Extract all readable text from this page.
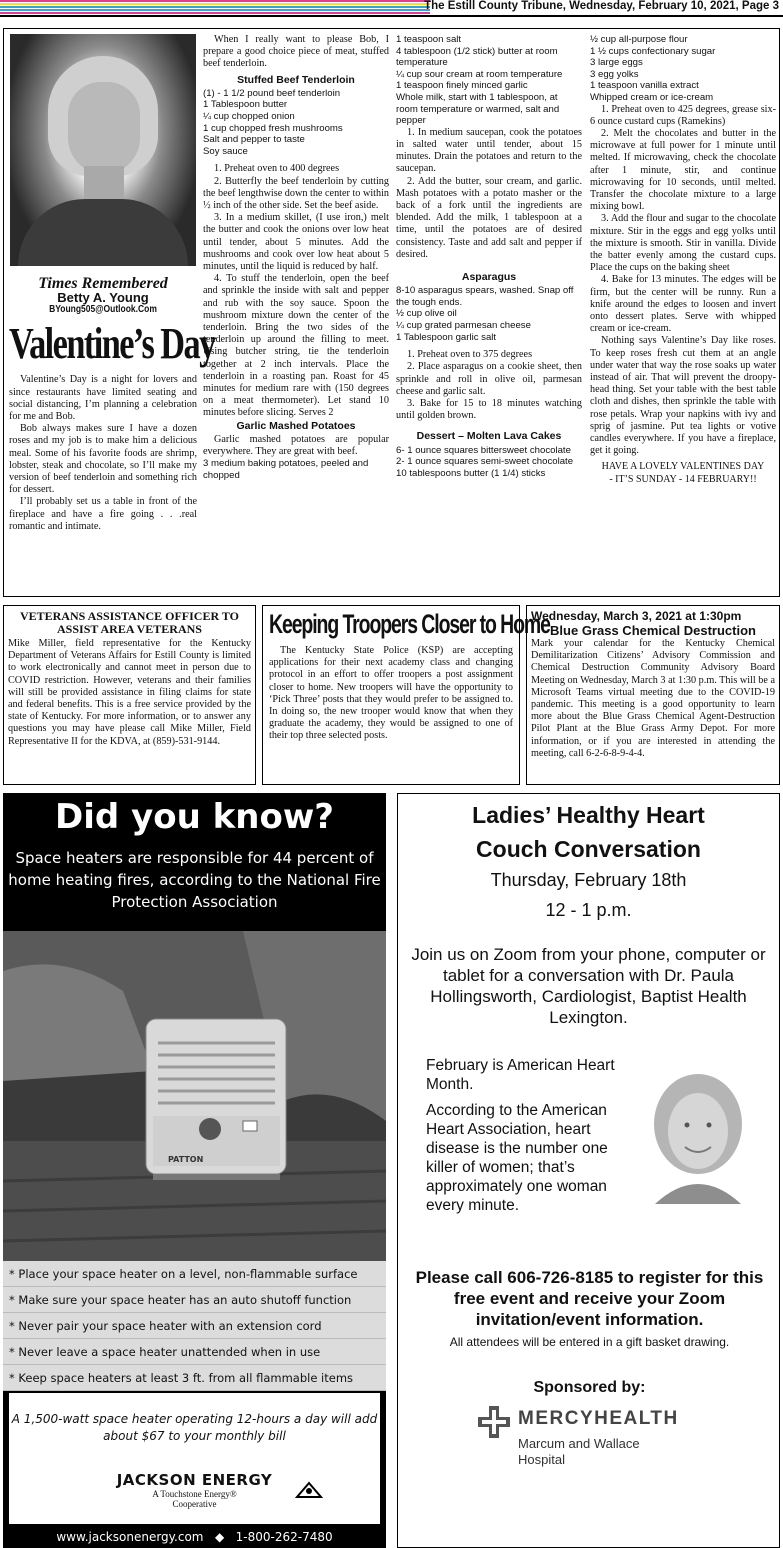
The Estill County Tribune, Wednesday, February 10, 2021, Page 3
Times Remembered
Betty A. Young
BYoung505@Outlook.Com
Valentine’s Day

Valentine’s Day is a night for lovers and since restaurants have limited seating and social distancing, I’m planning a celebration for me and Bob.

Bob always makes sure I have a dozen roses and my job is to make him a delicious meal. Some of his favorite foods are shrimp, lobster, steak and chocolate, so I’ll make my version of beef tenderloin and something rich for dessert.

I’ll probably set us a table in front of the fireplace and have a fire going . . .real romantic and intimate.

When I really want to please Bob, I prepare a good choice piece of meat, stuffed beef tenderloin.

Stuffed Beef Tenderloin
(1) - 1 1/2 pound beef tenderloin
1 Tablespoon butter
¼ cup chopped onion
1 cup chopped fresh mushrooms
Salt and pepper to taste
Soy sauce

1. Preheat oven to 400 degrees

2. Butterfly the beef tenderloin by cutting the beef lengthwise down the center to within ½ inch of the other side. Set the beef aside.

3. In a medium skillet, (I use iron,) melt the butter and cook the onions over low heat until tender, about 5 minutes. Add the mushrooms and cook over low heat about 5 minutes, until the liquid is reduced by half.

4. To stuff the tenderloin, open the beef and sprinkle the inside with salt and pepper and rub with the soy sauce. Spoon the mushroom mixture down the center of the tenderloin. Bring the two sides of the tenderloin up around the filling to meet. Using butcher string, tie the tenderloin together at 2 inch intervals. Place the tenderloin in a roasting pan. Roast for 45 minutes for medium rare with (150 degrees on a meat thermometer). Let stand 10 minutes before slicing. Serves 2

Garlic Mashed Potatoes

Garlic mashed potatoes are popular everywhere. They are great with beef.

3 medium baking potatoes, peeled and chopped
1 teaspoon salt
4 tablespoon (1/2 stick) butter at room temperature
¼ cup sour cream at room temperature
1 teaspoon finely minced garlic
Whole milk, start with 1 tablespoon, at room temperature or warmed, salt and pepper

1. In medium saucepan, cook the potatoes in salted water until tender, about 15 minutes. Drain the potatoes and return to the saucepan.

2. Add the butter, sour cream, and garlic. Mash potatoes with a potato masher or the back of a fork until the ingredients are blended. Add the milk, 1 tablespoon at a time, until the potatoes are of desired consistency. Taste and add salt and pepper if desired.

Asparagus
8-10 asparagus spears, washed. Snap off the tough ends.
½ cup olive oil
¼ cup grated parmesan cheese
1 Tablespoon garlic salt

1. Preheat oven to 375 degrees

2. Place asparagus on a cookie sheet, then sprinkle and roll in olive oil, parmesan cheese and garlic salt.

3. Bake for 15 to 18 minutes watching until golden brown.

Dessert – Molten Lava Cakes
6- 1 ounce squares bittersweet chocolate
2- 1 ounce squares semi-sweet chocolate
10 tablespoons butter (1 1/4) sticks
½ cup all-purpose flour
1 ½ cups confectionary sugar
3 large eggs
3 egg yolks
1 teaspoon vanilla extract
Whipped cream or ice-cream

1. Preheat oven to 425 degrees, grease six- 6 ounce custard cups (Ramekins)

2. Melt the chocolates and butter in the microwave at full power for 1 minute until melted. If microwaving, check the chocolate after 1 minute, stir, and continue microwaving for 10 seconds, until melted. Transfer the chocolate mixture to a large mixing bowl.

3. Add the flour and sugar to the chocolate mixture. Stir in the eggs and egg yolks until the mixture is smooth. Stir in vanilla. Divide the batter evenly among the custard cups. Place the cups on the baking sheet

4. Bake for 13 minutes. The edges will be firm, but the center will be runny. Run a knife around the edges to loosen and invert onto dessert plates. Serve with whipped cream or ice-cream.

Nothing says Valentine’s Day like roses. To keep roses fresh cut them at an angle under water that way the rose soaks up water instead of air. That will prevent the droopy-head thing. Set your table with the best table cloth and dishes, then sprinkle the table with rose petals. Wrap your napkins with ivy and sprig of jasmine. Put tea lights or votive candles everywhere. If you have a fireplace, get it going.

HAVE A LOVELY VALENTINES DAY
- IT’S SUNDAY - 14 FEBRUARY!!
VETERANS ASSISTANCE OFFICER TO ASSIST AREA VETERANS
Mike Miller, field representative for the Kentucky Department of Veterans Affairs for Estill County is limited to work electronically and cannot meet in person due to COVID restriction. However, veterans and their families will still be provided assistance in filing claims for state and federal benefits. This is a free service provided by the state of Kentucky. For more information, or to answer any questions you may have please call Mike Miller, Field Representative II for the KDVA, at (859)-531-9144.
Keeping Troopers Closer to Home

The Kentucky State Police (KSP) are accepting applications for their next academy class and changing protocol in an effort to offer troopers a post assignment closer to home. New troopers will have the opportunity to ‘Pick Three’ posts that they would prefer to be assigned to. In doing so, the new trooper would know that when they graduate the academy, they would be assigned to one of their top three selected posts.

Wednesday, March 3, 2021 at 1:30pm
Blue Grass Chemical Destruction
Mark your calendar for the Kentucky Chemical Demilitarization Citizens’ Advisory Commission and Chemical Destruction Community Advisory Board Meeting on Wednesday, March 3 at 1:30 p.m. This will be a Microsoft Teams virtual meeting due to the COVID-19 pandemic. This meeting is a good opportunity to learn more about the Blue Grass Chemical Agent-Destruction Pilot Plant at the Blue Grass Army Depot. For more information, or if you are interested in attending the meeting, call 6-2-6-8-9-4-4.
Did you know?
Space heaters are responsible for 44 percent of home heating fires, according to the National Fire Protection Association
PATTON
* Place your space heater on a level, non-flammable surface
* Make sure your space heater has an auto shutoff function
* Never pair your space heater with an extension cord
* Never leave a space heater unattended when in use
* Keep space heaters at least 3 ft. from all flammable items
A 1,500-watt space heater operating 12-hours a day will add about $67 to your monthly bill
JACKSON ENERGY
A Touchstone Energy®
Cooperative
www.jacksonenergy.com ◆ 1-800-262-7480
Ladies’ Healthy Heart
Couch Conversation
Thursday, February 18th
12 - 1 p.m.
Join us on Zoom from your phone, computer or tablet for a conversation with Dr. Paula Hollingsworth, Cardiologist, Baptist Health Lexington.
February is American Heart Month.
According to the American Heart Association, heart disease is the number one killer of women; that’s approximately one woman every minute.
Please call 606-726-8185 to register for this free event and receive your Zoom invitation/event information.
All attendees will be entered in a gift basket drawing.
Sponsored by:
MERCYHEALTH
Marcum and Wallace
Hospital
